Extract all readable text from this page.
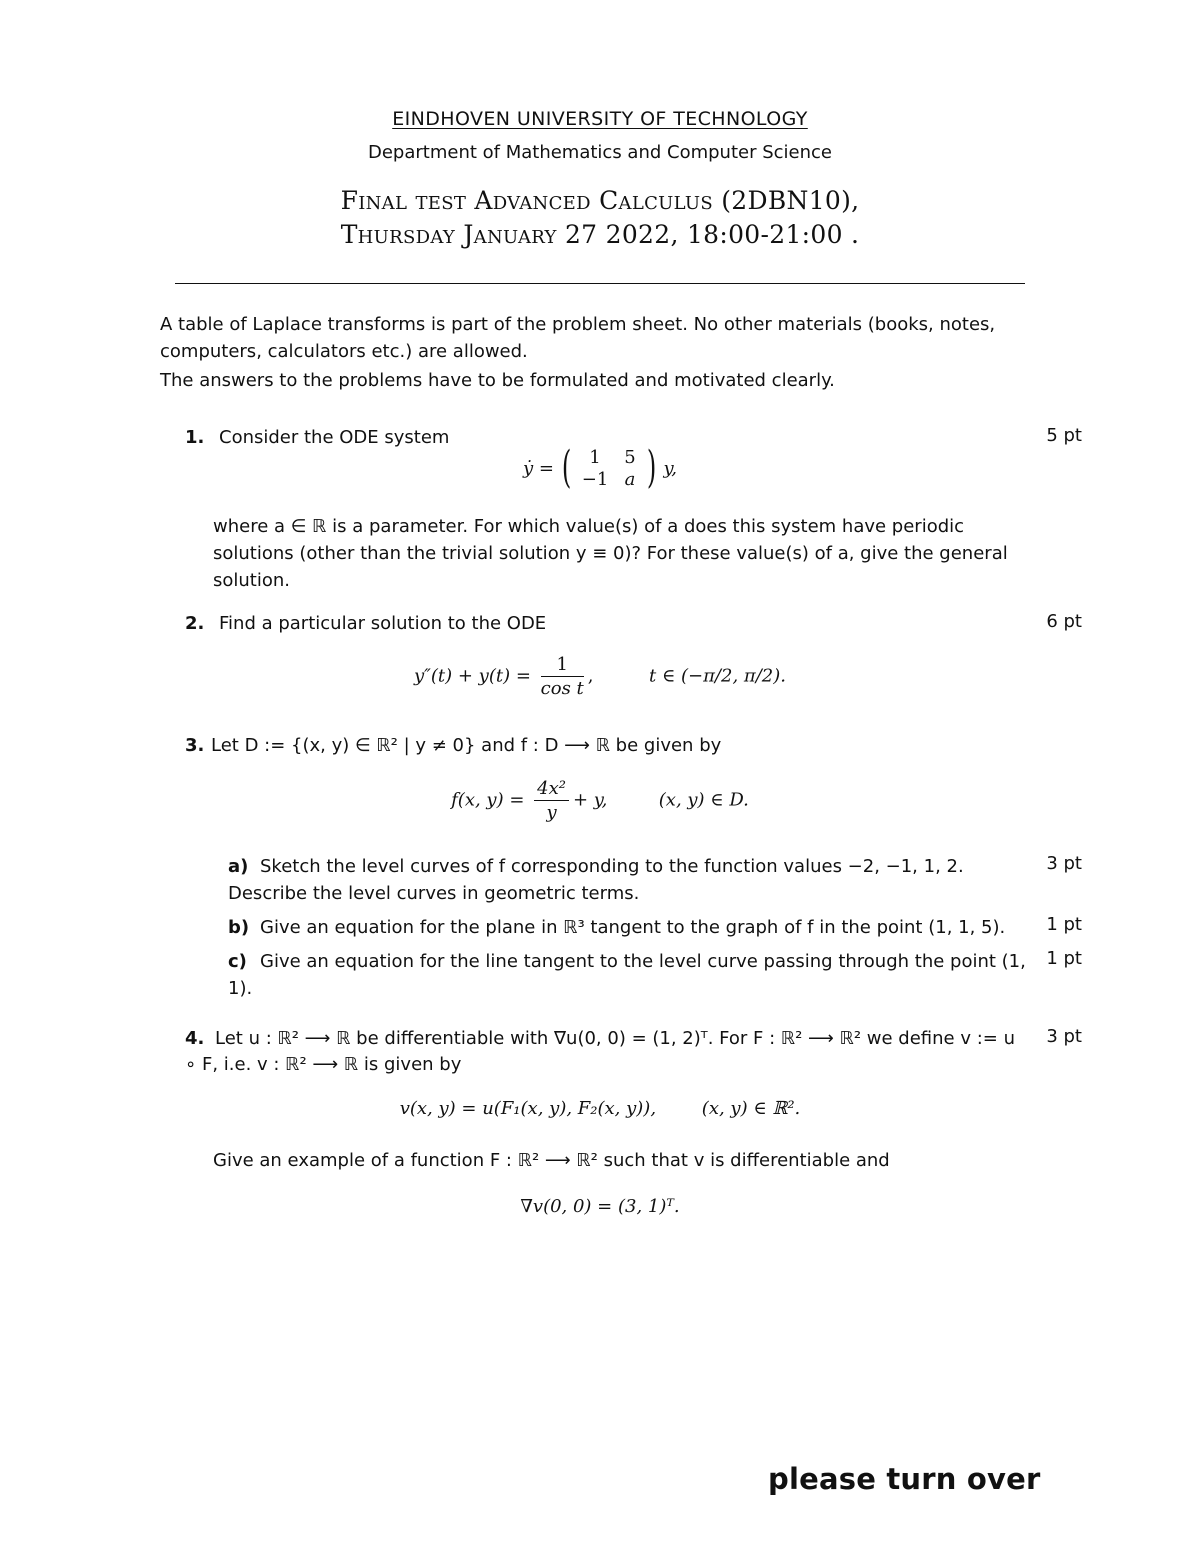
EINDHOVEN UNIVERSITY OF TECHNOLOGY
Department of Mathematics and Computer Science
Final test Advanced Calculus (2DBN10),
Thursday January 27 2022, 18:00-21:00 .
A table of Laplace transforms is part of the problem sheet. No other materials (books, notes, computers, calculators etc.) are allowed.
The answers to the problems have to be formulated and motivated clearly.
1. Consider the ODE system	5 pt
ẏ = ( 1	5
−1	a ) y,
where a ∈ ℝ is a parameter. For which value(s) of a does this system have periodic solutions (other than the trivial solution y ≡ 0)? For these value(s) of a, give the general solution.
2. Find a particular solution to the ODE	6 pt
$y''(t) + y(t) = \frac{1}{\text{cos t}}$ ,	t ∈ (−π/2, π/2).
3. Let D := {(x, y) ∈ ℝ² | y ≠ 0} and f : D ⟶ ℝ be given by
f(x, $y) = \frac{\text{4x²}}{y} + y$,	(x, y) ∈ D.
a) Sketch the level curves of f corresponding to the function values −2, −1, 1, 2. Describe the level curves in geometric terms.
3 pt
b) Give an equation for the plane in ℝ³ tangent to the graph of f in the point (1, 1, 5).	1 pt
c) Give an equation for the line tangent to the level curve passing through the point (1, 1).
1 pt
4. Let u : ℝ² ⟶ ℝ be differentiable with ∇u(0, 0) = (1, 2)ᵀ. For F : ℝ² ⟶ ℝ² we define v := u ∘ F, i.e. v : ℝ² ⟶ ℝ is given by
3 pt
v(x, y) = u(F₁(x, y), F₂(x, y)),        (x, y) ∈ ℝ².
Give an example of a function F : ℝ² ⟶ ℝ² such that v is differentiable and
∇v(0, 0) = (3, 1)ᵀ.
please turn over
